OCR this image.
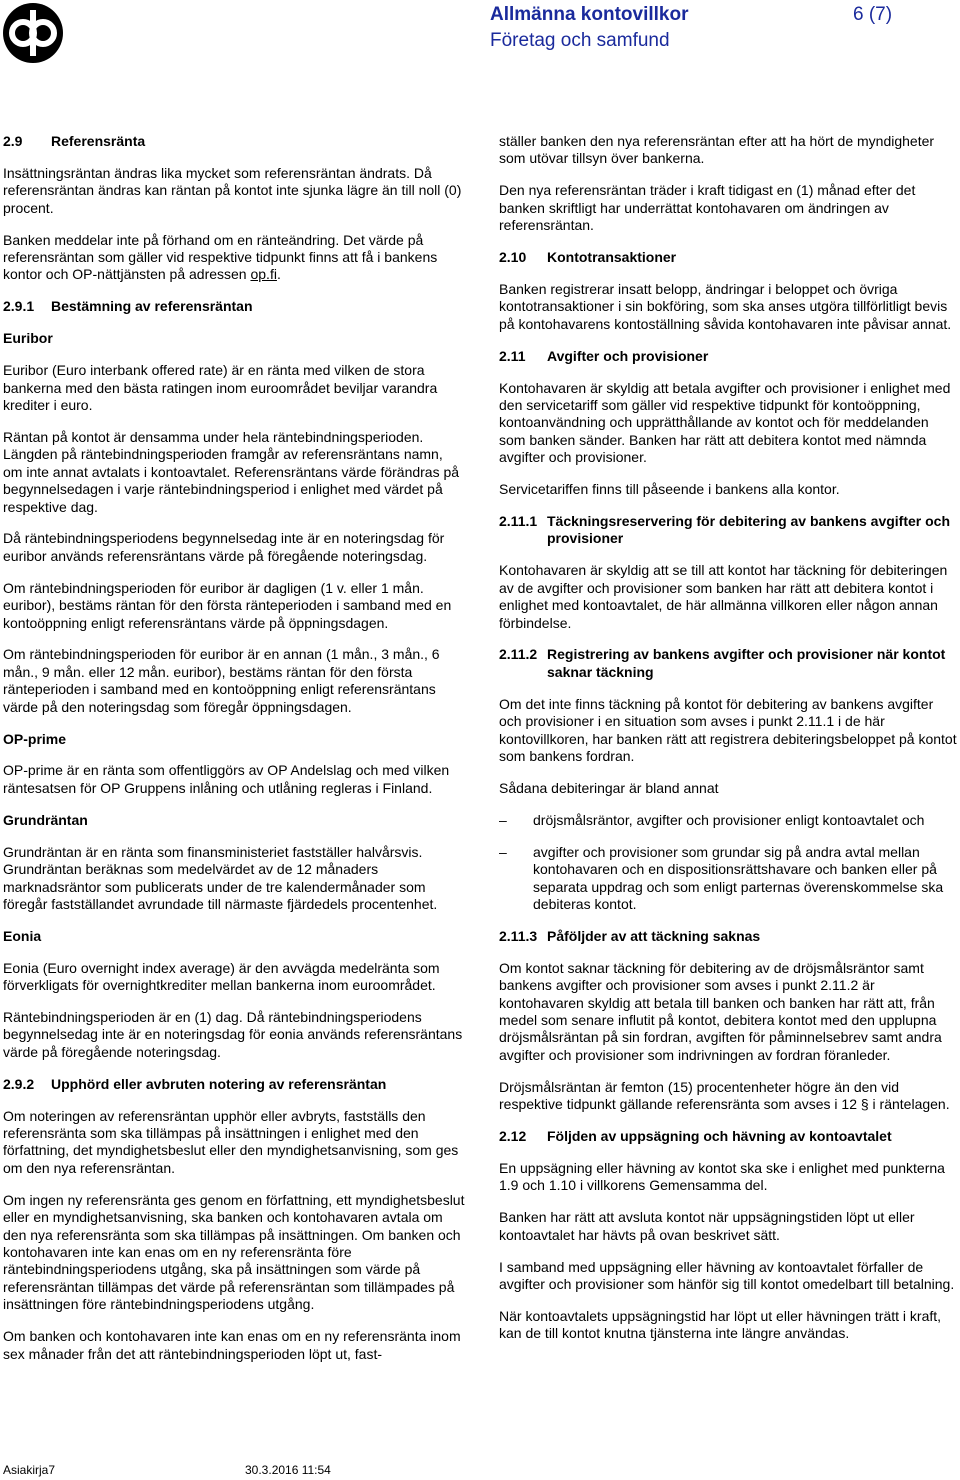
Allmänna kontovillkor	6 (7)
Företag och samfund
2.9	Referensränta

Insättningsräntan ändras lika mycket som referensräntan ändrats. Då referensräntan ändras kan räntan på kontot inte sjunka lägre än till noll (0) procent.

Banken meddelar inte på förhand om en ränteändring. Det värde på referensräntan som gäller vid respektive tidpunkt finns att få i bankens kontor och OP-nättjänsten på adressen op.fi.

2.9.1	Bestämning av referensräntan
Euribor

Euribor (Euro interbank offered rate) är en ränta med vilken de stora bankerna med den bästa ratingen inom euroområdet beviljar varandra krediter i euro.

Räntan på kontot är densamma under hela räntebindningsperioden. Längden på räntebindningsperioden framgår av referensräntans namn, om inte annat avtalats i kontoavtalet. Referensräntans värde förändras på begynnelsedagen i varje räntebindningsperiod i enlighet med värdet på respektive dag.

Då räntebindningsperiodens begynnelsedag inte är en noteringsdag för euribor används referensräntans värde på föregående noteringsdag.

Om räntebindningsperioden för euribor är dagligen (1 v. eller 1 mån. euribor), bestäms räntan för den första ränteperioden i samband med en kontoöppning enligt referensräntans värde på öppningsdagen.

Om räntebindningsperioden för euribor är en annan (1 mån., 3 mån., 6 mån., 9 mån. eller 12 mån. euribor), bestäms räntan för den första ränteperioden i samband med en kontoöppning enligt referensräntans värde på den noteringsdag som föregår öppningsdagen.

OP-prime

OP-prime är en ränta som offentliggörs av OP Andelslag och med vilken räntesatsen för OP Gruppens inlåning och utlåning regleras i Finland.

Grundräntan

Grundräntan är en ränta som finansministeriet fastställer halvårsvis. Grundräntan beräknas som medelvärdet av de 12 månaders marknadsräntor som publicerats under de tre kalendermånader som föregår fastställandet avrundade till närmaste fjärdedels procentenhet.

Eonia

Eonia (Euro overnight index average) är den avvägda medelränta som förverkligats för overnightkrediter mellan bankerna inom euroområdet.

Räntebindningsperioden är en (1) dag. Då räntebindningsperiodens begynnelsedag inte är en noteringsdag för eonia används referensräntans värde på föregående noteringsdag.

2.9.2	Upphörd eller avbruten notering av referensräntan

Om noteringen av referensräntan upphör eller avbryts, fastställs den referensränta som ska tillämpas på insättningen i enlighet med den författning, det myndighetsbeslut eller den myndighetsanvisning, som ges om den nya referensräntan.

Om ingen ny referensränta ges genom en författning, ett myndighetsbeslut eller en myndighetsanvisning, ska banken och kontohavaren avtala om den nya referensränta som ska tillämpas på insättningen. Om banken och kontohavaren inte kan enas om en ny referensränta före räntebindningsperiodens utgång, ska på insättningen som värde på referensräntan tillämpas det värde på referensräntan som tillämpades på insättningen före räntebindningsperiodens utgång.

Om banken och kontohavaren inte kan enas om en ny referensränta inom sex månader från det att räntebindningsperioden löpt ut, fast-

ställer banken den nya referensräntan efter att ha hört de myndigheter som utövar tillsyn över bankerna.

Den nya referensräntan träder i kraft tidigast en (1) månad efter det banken skriftligt har underrättat kontohavaren om ändringen av referensräntan.

2.10	Kontotransaktioner

Banken registrerar insatt belopp, ändringar i beloppet och övriga kontotransaktioner i sin bokföring, som ska anses utgöra tillförlitligt bevis på kontohavarens kontoställning såvida kontohavaren inte påvisar annat.

2.11	Avgifter och provisioner

Kontohavaren är skyldig att betala avgifter och provisioner i enlighet med den servicetariff som gäller vid respektive tidpunkt för kontoöppning, kontoanvändning och upprätthållande av kontot och för meddelanden som banken sänder. Banken har rätt att debitera kontot med nämnda avgifter och provisioner.

Servicetariffen finns till påseende i bankens alla kontor.

2.11.1 Täckningsreservering för debitering av bankens avgifter och provisioner

Kontohavaren är skyldig att se till att kontot har täckning för debiteringen av de avgifter och provisioner som banken har rätt att debitera kontot i enlighet med kontoavtalet, de här allmänna villkoren eller någon annan förbindelse.

2.11.2 Registrering av bankens avgifter och provisioner när kontot saknar täckning

Om det inte finns täckning på kontot för debitering av bankens avgifter och provisioner i en situation som avses i punkt 2.11.1 i de här kontovillkoren, har banken rätt att registrera debiteringsbeloppet på kontot som bankens fordran.

Sådana debiteringar är bland annat

–	dröjsmålsräntor, avgifter och provisioner enligt kontoavtalet och
–	avgifter och provisioner som grundar sig på andra avtal mellan kontohavaren och en dispositionsrättshavare och banken eller på separata uppdrag och som enligt parternas överenskommelse ska debiteras kontot.
2.11.3 Påföljder av att täckning saknas

Om kontot saknar täckning för debitering av de dröjsmålsräntor samt bankens avgifter och provisioner som avses i punkt 2.11.2 är kontohavaren skyldig att betala till banken och banken har rätt att, från medel som senare influtit på kontot, debitera kontot med den upplupna dröjsmålsräntan på sin fordran, avgiften för påminnelsebrev samt andra avgifter och provisioner som indrivningen av fordran föranleder.

Dröjsmålsräntan är femton (15) procentenheter högre än den vid respektive tidpunkt gällande referensränta som avses i 12 § i räntelagen.

2.12	Följden av uppsägning och hävning av kontoavtalet

En uppsägning eller hävning av kontot ska ske i enlighet med punkterna 1.9 och 1.10 i villkorens Gemensamma del.

Banken har rätt att avsluta kontot när uppsägningstiden löpt ut eller kontoavtalet har hävts på ovan beskrivet sätt.

I samband med uppsägning eller hävning av kontoavtalet förfaller de avgifter och provisioner som hänför sig till kontot omedelbart till betalning.

När kontoavtalets uppsägningstid har löpt ut eller hävningen trätt i kraft, kan de till kontot knutna tjänsterna inte längre användas.

Asiakirja7	30.3.2016 11:54
